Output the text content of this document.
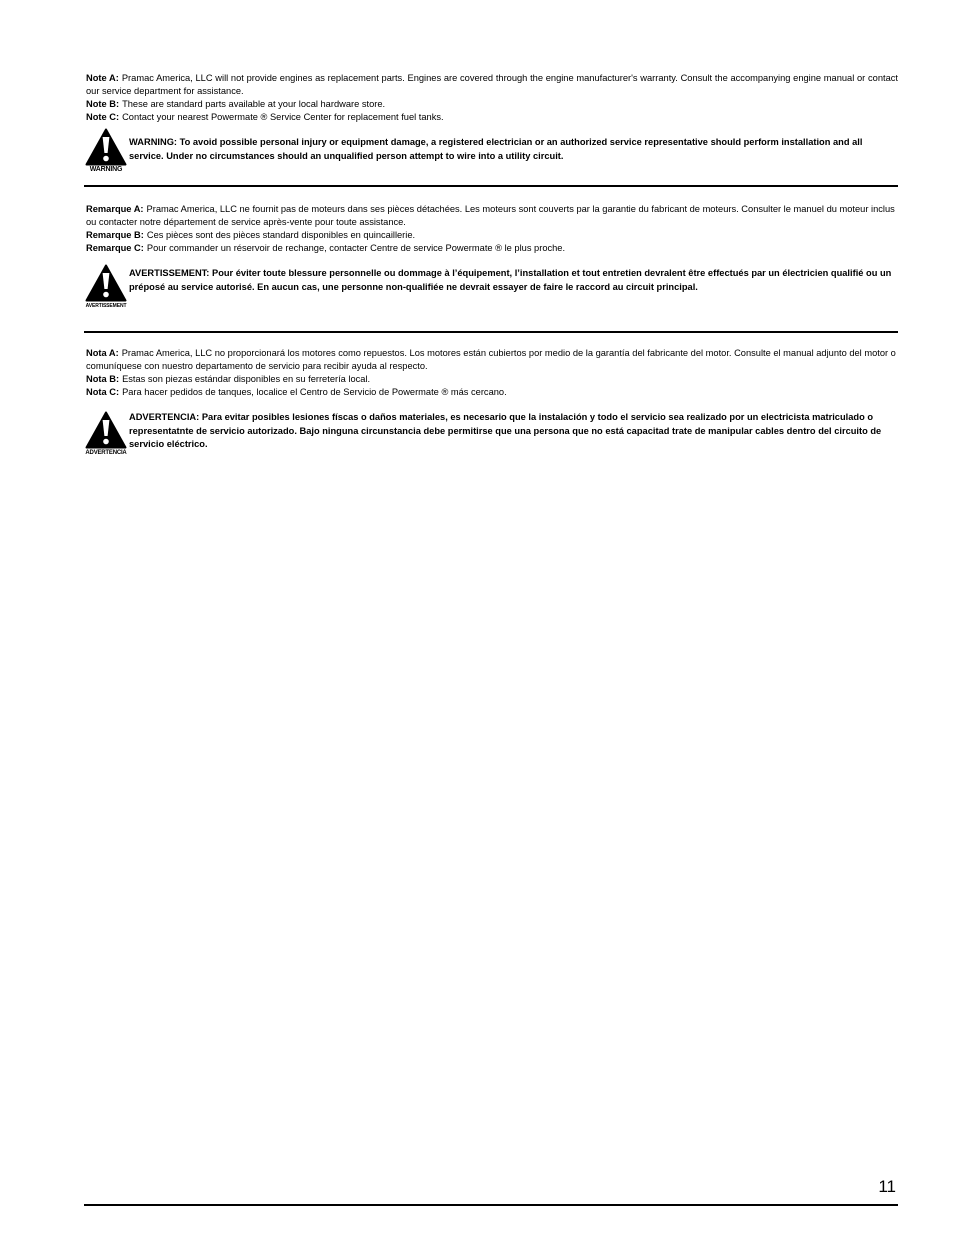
Note A: Pramac America, LLC will not provide engines as replacement parts. Engines are covered through the engine manufacturer's warranty. Consult the accompanying engine manual or contact our service department for assistance.

Note B: These are standard parts available at your local hardware store.

Note C: Contact your nearest Powermate ® Service Center for replacement fuel tanks.

WARNING
WARNING: To avoid possible personal injury or equipment damage, a registered electrician or an authorized service representative should perform installation and all service. Under no circumstances should an unqualified person attempt to wire into a utility circuit.

Remarque A: Pramac America, LLC ne fournit pas de moteurs dans ses pièces détachées. Les moteurs sont couverts par la garantie du fabricant de moteurs. Consulter le manuel du moteur inclus ou contacter notre département de service après-vente pour toute assistance.

Remarque B: Ces pièces sont des pièces standard disponibles en quincaillerie.

Remarque C: Pour commander un réservoir de rechange, contacter Centre de service Powermate ® le plus proche.

AVERTISSEMENT
AVERTISSEMENT: Pour éviter toute blessure personnelle ou dommage à l’équipement, l’installation et tout entretien devralent être effectués par un électricien qualifié ou un préposé au service autorisé. En aucun cas, une personne non-qualifiée ne devrait essayer de faire le raccord au circuit principal.

Nota A: Pramac America, LLC no proporcionará los motores como repuestos. Los motores están cubiertos por medio de la garantía del fabricante del motor. Consulte el manual adjunto del motor o comuníquese con nuestro departamento de servicio para recibir ayuda al respecto.

Nota B: Estas son piezas estándar disponibles en su ferretería local.

Nota C: Para hacer pedidos de tanques, localice el Centro de Servicio de Powermate ® más cercano.

ADVERTENCIA
ADVERTENCIA: Para evitar posibles lesiones físcas o daños materiales, es necesario que la instalación y todo el servicio sea realizado por un electricista matriculado o representatnte de servicio autorizado. Bajo ninguna circunstancia debe permitirse que una persona que no está capacitad trate de manipular cables dentro del circuito de servicio eléctrico.
11
